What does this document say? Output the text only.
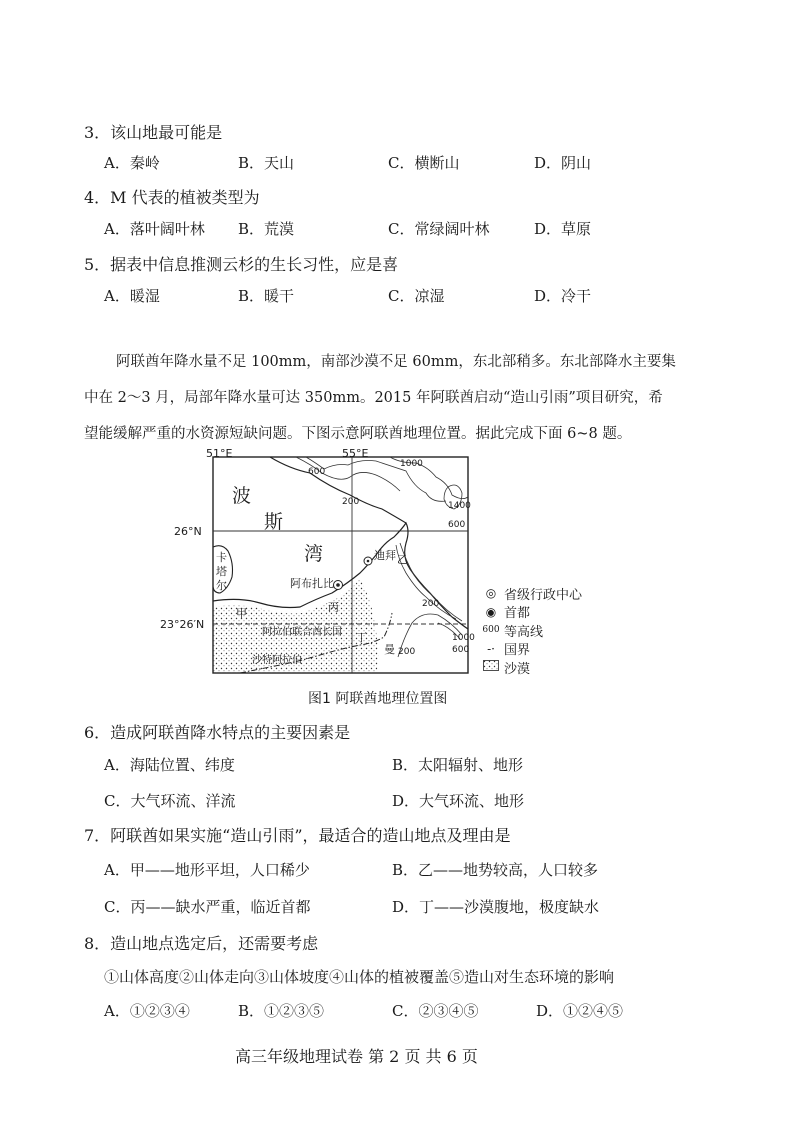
3．该山地最可能是
A．秦岭	B．天山	C．横断山	D．阴山
4．M 代表的植被类型为
A．落叶阔叶林 B．荒漠	C．常绿阔叶林	D．草原
5．据表中信息推测云杉的生长习性，应是喜
A．暖湿	B．暖干	C．凉湿	D．冷干

阿联酋年降水量不足 100mm，南部沙漠不足 60mm，东北部稍多。东北部降水主要集

中在 2～3 月，局部年降水量可达 350mm。2015 年阿联酋启动“造山引雨”项目研究，希

望能缓解严重的水资源短缺问题。下图示意阿联酋地理位置。据此完成下面 6~8 题。

51°E	55°E
26°N
23°26′N
波
斯
湾
卡
塔
尔	阿布扎比
迪拜
甲
乙
丙
丁
曼
阿拉伯联合酋长国
沙特阿拉伯
600
1000
200	1400
600
200
1000
600
200
◎ 省级行政中心
◉ 首都
600 等高线
-· 国界
沙漠
图1 阿联酋地理位置图
6．造成阿联酋降水特点的主要因素是
A．海陆位置、纬度	B．太阳辐射、地形
C．大气环流、洋流	D．大气环流、地形
7．阿联酋如果实施“造山引雨”，最适合的造山地点及理由是
A．甲——地形平坦，人口稀少	B．乙——地势较高，人口较多
C．丙——缺水严重，临近首都	D．丁——沙漠腹地，极度缺水
8．造山地点选定后，还需要考虑
①山体高度②山体走向③山体坡度④山体的植被覆盖⑤造山对生态环境的影响
A．①②③④	B．①②③⑤	C．②③④⑤	D．①②④⑤
高三年级地理试卷 第 2 页 共 6 页
